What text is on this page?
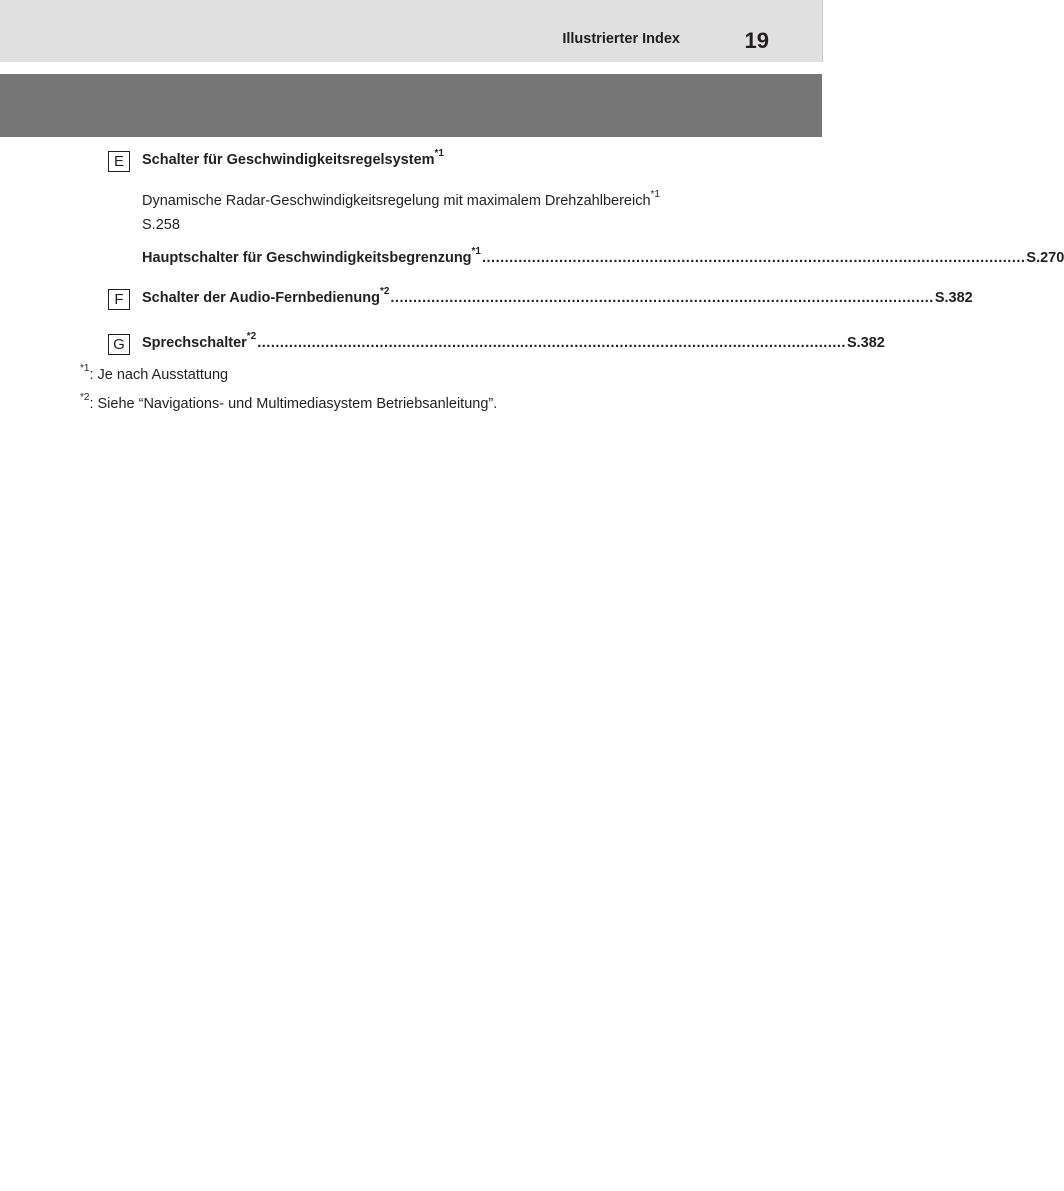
Illustrierter Index	19
E	Schalter für Geschwindigkeitsregelsystem$^{*1}$
Dynamische Radar-Geschwindigkeitsregelung mit maximalem Drehzahlbereich$^{*1}$
S.258
Hauptschalter für Geschwindigkeitsbegrenzung$^{*1}$ ........................................................................................................................ S.270
F	Schalter der Audio-Fernbedienung$^{*2}$ ........................................................................................................................ S.382
G	Sprechschalter$^{*2}$ .................................................................................................................................. S.382
$^{*1}$: Je nach Ausstattung
$^{*2}$: Siehe “Navigations- und Multimediasystem Betriebsanleitung”.
